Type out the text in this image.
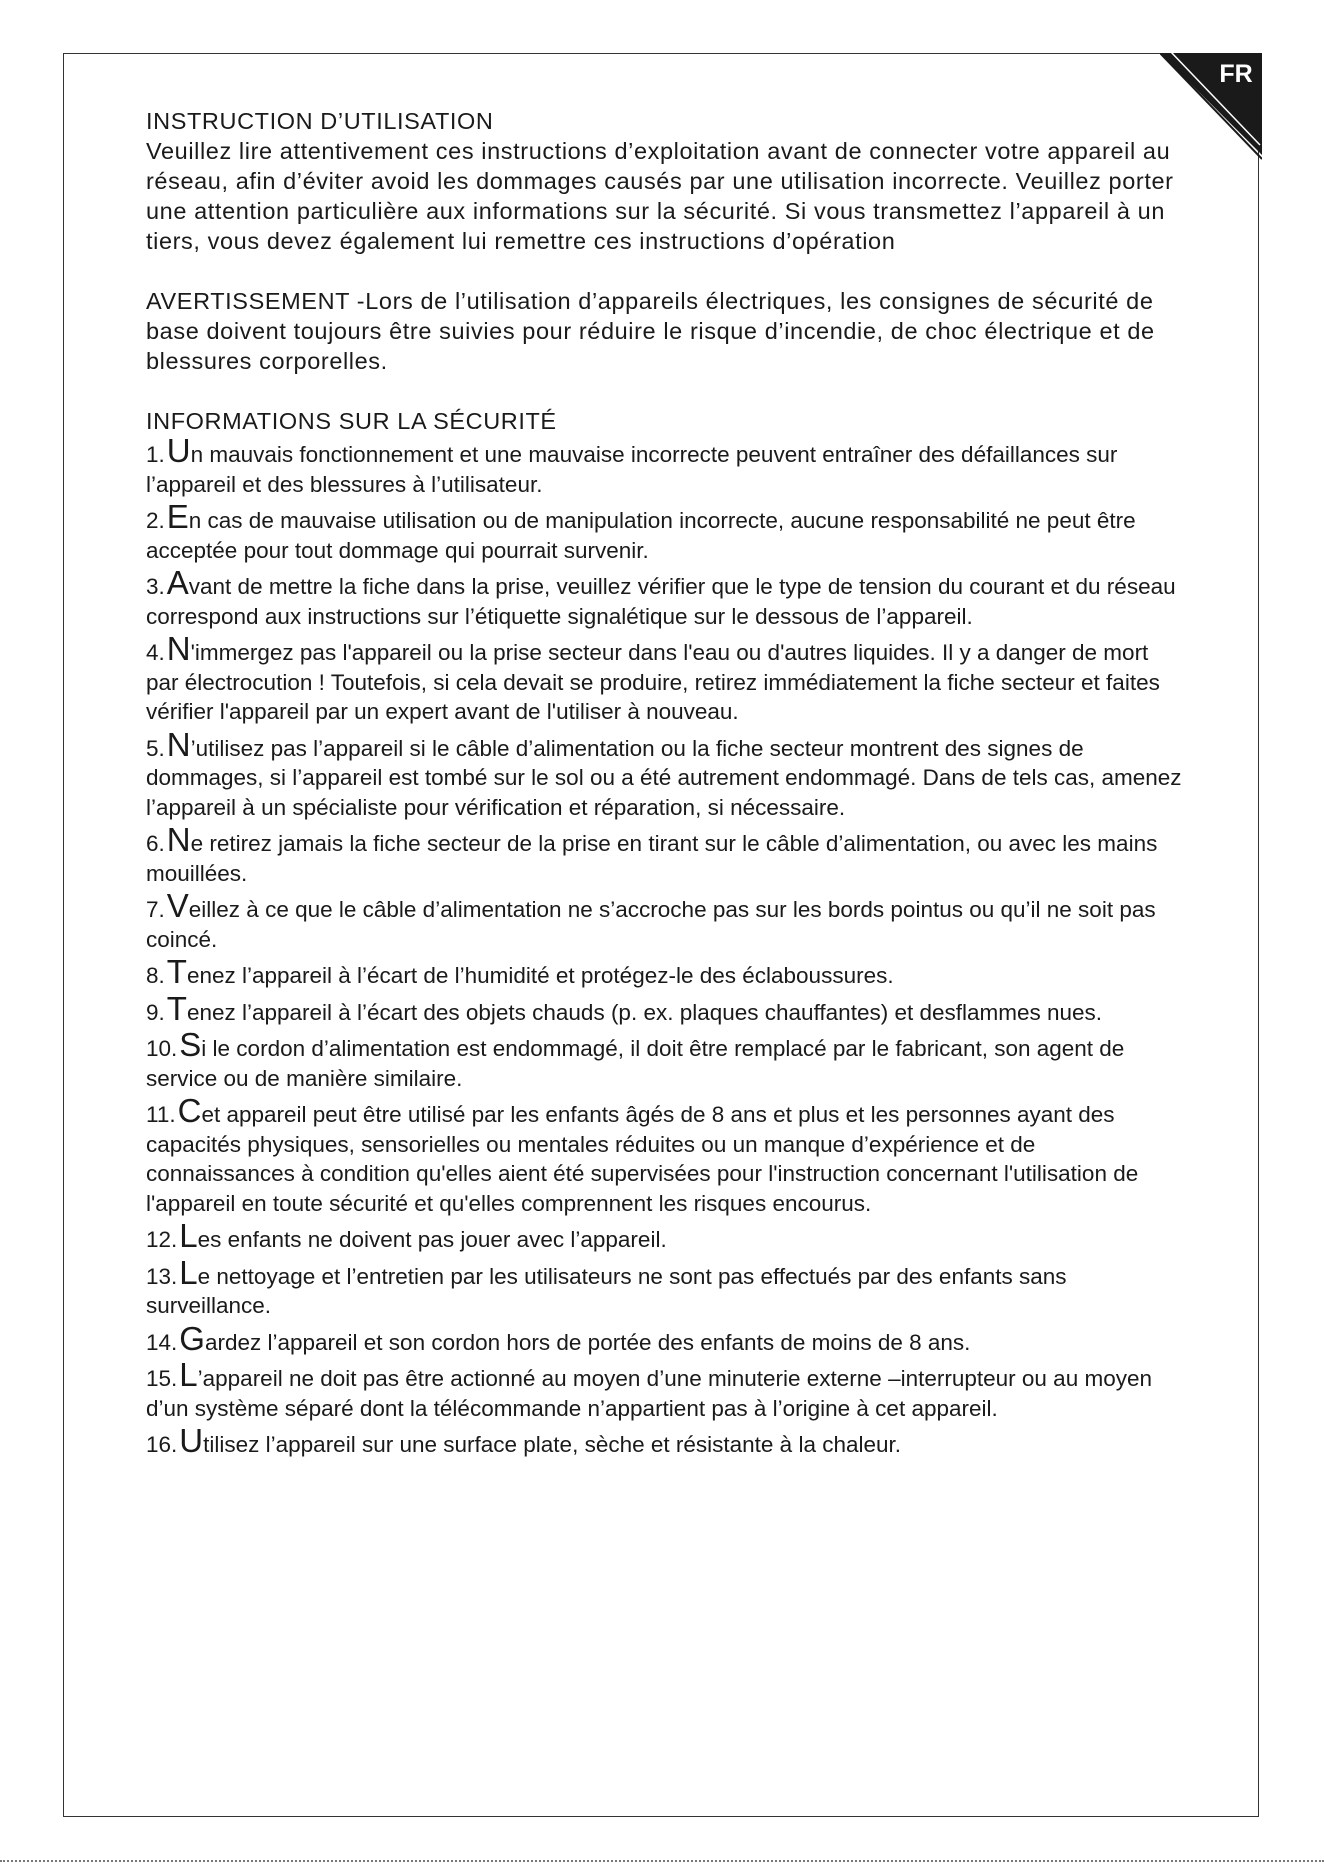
FR

INSTRUCTION D’UTILISATION

Veuillez lire attentivement ces instructions d’exploitation avant de connecter votre appareil au réseau, afin d’éviter avoid les dommages causés par une utilisation incorrecte. Veuillez porter une attention particulière aux informations sur la sécurité. Si vous transmettez l’appareil à un tiers, vous devez également lui remettre ces instructions d’opération

AVERTISSEMENT -Lors de l’utilisation d’appareils électriques, les consignes de sécurité de base doivent toujours être suivies pour réduire le risque d’incendie, de choc électrique et de blessures corporelles.

INFORMATIONS SUR LA SÉCURITÉ

1.Un mauvais fonctionnement et une mauvaise incorrecte peuvent entraîner des défaillances sur l’appareil et des blessures à l’utilisateur.

2.En cas de mauvaise utilisation ou de manipulation incorrecte, aucune responsabilité ne peut être acceptée pour tout dommage qui pourrait survenir.

3.Avant de mettre la fiche dans la prise, veuillez vérifier que le type de tension du courant et du réseau correspond aux instructions sur l’étiquette signalétique sur le dessous de l’appareil.

4.N'immergez pas l'appareil ou la prise secteur dans l'eau ou d'autres liquides. Il y a danger de mort par électrocution ! Toutefois, si cela devait se produire, retirez immédiatement la fiche secteur et faites vérifier l'appareil par un expert avant de l'utiliser à nouveau.

5.N’utilisez pas l’appareil si le câble d’alimentation ou la fiche secteur montrent des signes de dommages, si l’appareil est tombé sur le sol ou a été autrement endommagé. Dans de tels cas, amenez l’appareil à un spécialiste pour vérification et réparation, si nécessaire.

6.Ne retirez jamais la fiche secteur de la prise en tirant sur le câble d’alimentation, ou avec les mains mouillées.

7.Veillez à ce que le câble d’alimentation ne s’accroche pas sur les bords pointus ou qu’il ne soit pas coincé.

8.Tenez l’appareil à l’écart de l’humidité et protégez-le des éclaboussures.

9.Tenez l’appareil à l’écart des objets chauds (p. ex. plaques chauffantes) et desflammes nues.

10.Si le cordon d’alimentation est endommagé, il doit être remplacé par le fabricant, son agent de service ou de manière similaire.

11.Cet appareil peut être utilisé par les enfants âgés de 8 ans et plus et les personnes ayant des capacités physiques, sensorielles ou mentales réduites ou un manque d’expérience et de connaissances à condition qu'elles aient été supervisées pour l'instruction concernant l'utilisation de l'appareil en toute sécurité et qu'elles comprennent les risques encourus.

12.Les enfants ne doivent pas jouer avec l’appareil.

13.Le nettoyage et l’entretien par les utilisateurs ne sont pas effectués par des enfants sans surveillance.

14.Gardez l’appareil et son cordon hors de portée des enfants de moins de 8 ans.

15.L’appareil ne doit pas être actionné au moyen d’une minuterie externe –interrupteur ou au moyen d’un système séparé dont la télécommande n’appartient pas à l’origine à cet appareil.

16.Utilisez l’appareil sur une surface plate, sèche et résistante à la chaleur.
